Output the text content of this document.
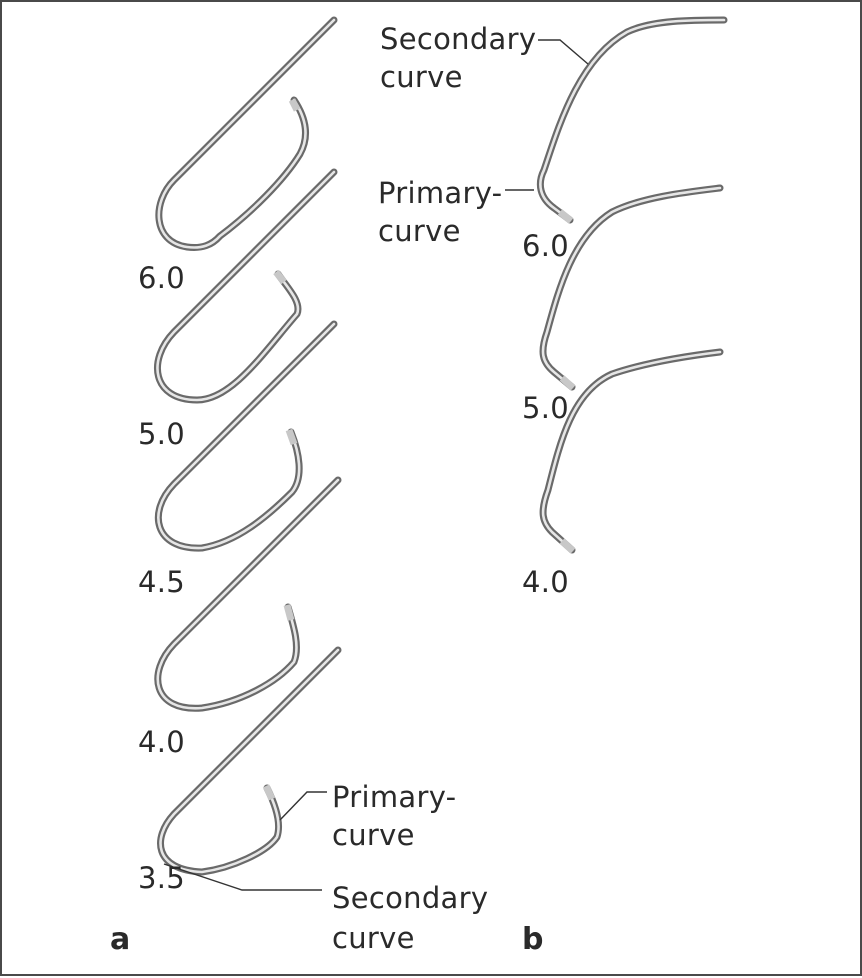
6.0
5.0
4.5
4.0
3.5
Primary-
curve
Secondary
curve
6.0
5.0
4.0
Secondary
curve
Primary-
curve
a	b
